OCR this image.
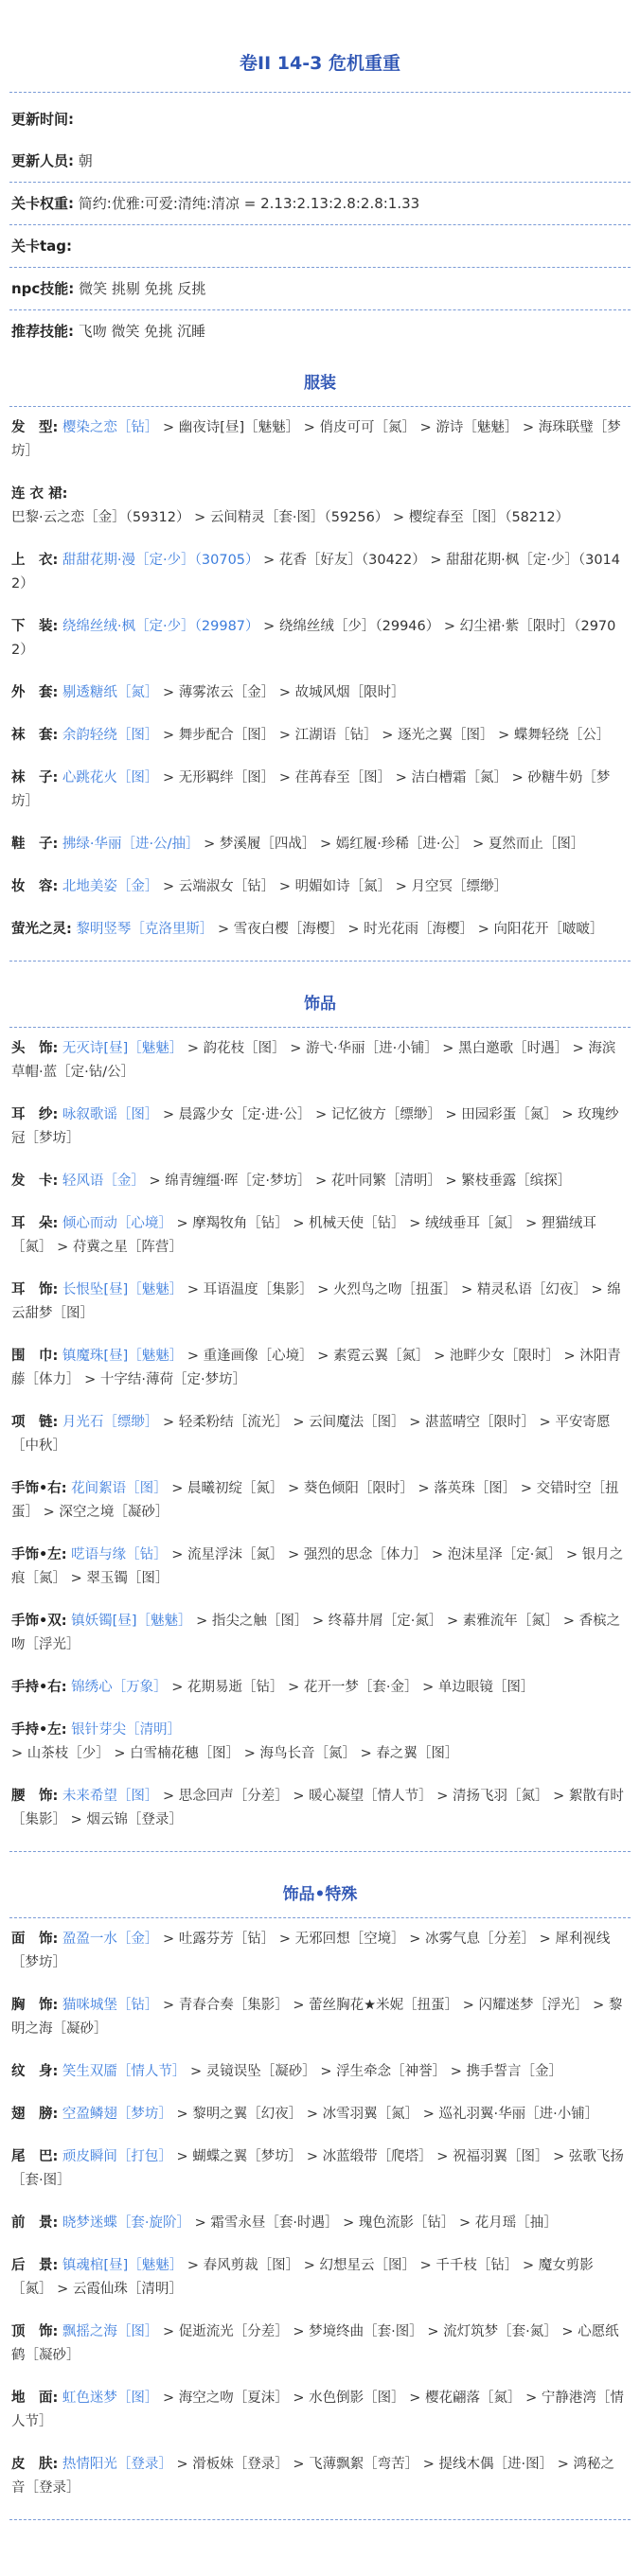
卷II 14-3 危机重重
更新时间:
更新人员: 朝
关卡权重: 简约:优雅:可爱:清纯:清凉 = 2.13:2.13:2.8:2.8:1.33
关卡tag:
npc技能: 微笑 挑剔 免挑 反挑
推荐技能: 飞吻 微笑 免挑 沉睡
服装
发　型: 樱染之恋［钻］ > 幽夜诗[昼]［魅魅］ > 俏皮可可［氮］ > 游诗［魅魅］ > 海珠联璧［梦坊］
连 衣 裙: 巴黎·云之恋［金］（59312） > 云间精灵［套·图］（59256） > 樱绽春至［图］（58212）
上　衣: 甜甜花期·漫［定·少］（30705） > 花香［好友］（30422） > 甜甜花期·枫［定·少］（30142）
下　装: 绕绵丝绒·枫［定·少］（29987） > 绕绵丝绒［少］（29946） > 幻尘裙·紫［限时］（29702）
外　套: 剔透糖纸［氮］ > 薄雾浓云［金］ > 故城风烟［限时］
袜　套: 余韵轻绕［图］ > 舞步配合［图］ > 江湖语［钻］ > 逐光之翼［图］ > 蝶舞轻绕［公］
袜　子: 心跳花火［图］ > 无形羁绊［图］ > 荏苒春至［图］ > 洁白槽霜［氮］ > 砂糖牛奶［梦坊］
鞋　子: 拂绿·华丽［进·公/抽］ > 梦溪履［四战］ > 嫣红履·珍稀［进·公］ > 夏然而止［图］
妆　容: 北地美姿［金］ > 云端淑女［钻］ > 明媚如诗［氮］ > 月空冥［缥缈］
萤光之灵: 黎明竖琴［克洛里斯］ > 雪夜白樱［海樱］ > 时光花雨［海樱］ > 向阳花开［啵啵］
饰品
头　饰: 无灭诗[昼]［魅魅］ > 韵花枝［图］ > 游弋·华丽［进·小铺］ > 黑白邀歌［时遇］ > 海滨草帽·蓝［定·钻/公］
耳　纱: 咏叙歌谣［图］ > 晨露少女［定·进·公］ > 记忆彼方［缥缈］ > 田园彩蛋［氮］ > 玫瑰纱冠［梦坊］
发　卡: 轻风语［金］ > 绵青缠缰·晖［定·梦坊］ > 花叶同繁［清明］ > 繁枝垂露［缤探］
耳　朵: 倾心而动［心境］ > 摩羯牧角［钻］ > 机械天使［钻］ > 绒绒垂耳［氮］ > 狸猫绒耳［氮］ > 苻冀之星［阵营］
耳　饰: 长恨坠[昼]［魅魅］ > 耳语温度［集影］ > 火烈鸟之吻［扭蛋］ > 精灵私语［幻夜］ > 绵云甜梦［图］
围　巾: 镇魔珠[昼]［魅魅］ > 重逢画像［心境］ > 素霓云翼［氮］ > 池畔少女［限时］ > 沐阳青藤［体力］ > 十字结·薄荷［定·梦坊］
项　链: 月光石［缥缈］ > 轻柔粉结［流光］ > 云间魔法［图］ > 湛蓝晴空［限时］ > 平安寄愿［中秋］
手饰•右: 花间絮语［图］ > 晨曦初绽［氮］ > 葵色倾阳［限时］ > 落英珠［图］ > 交错时空［扭蛋］ > 深空之境［凝砂］
手饰•左: 呓语与缘［钻］ > 流星浮沫［氮］ > 强烈的思念［体力］ > 泡沫星泽［定·氮］ > 银月之痕［氮］ > 翠玉镯［图］
手饰•双: 镇妖镯[昼]［魅魅］ > 指尖之触［图］ > 终幕井屑［定·氮］ > 素雅流年［氮］ > 香槟之吻［浮光］
手持•右: 锦绣心［万象］ > 花期易逝［钻］ > 花开一梦［套·金］ > 单边眼镜［图］
手持•左: 银针芽尖［清明］ > 山茶枝［少］ > 白雪楠花穗［图］ > 海鸟长音［氮］ > 春之翼［图］
腰　饰: 未来希望［图］ > 思念回声［分差］ > 暖心凝望［情人节］ > 清扬飞羽［氮］ > 絮散有时［集影］ > 烟云锦［登录］
饰品•特殊
面　饰: 盈盈一水［金］ > 吐露芬芳［钻］ > 无邪回想［空境］ > 冰雾气息［分差］ > 犀利视线［梦坊］
胸　饰: 猫咪城堡［钻］ > 青春合奏［集影］ > 蕾丝胸花★米妮［扭蛋］ > 闪耀迷梦［浮光］ > 黎明之海［凝砂］
纹　身: 笑生双靥［情人节］ > 灵镜误坠［凝砂］ > 浮生牵念［神誉］ > 携手誓言［金］
翅　膀: 空盈鳞翅［梦坊］ > 黎明之翼［幻夜］ > 冰雪羽翼［氮］ > 巡礼羽翼·华丽［进·小铺］
尾　巴: 顽皮瞬间［打包］ > 蝴蝶之翼［梦坊］ > 冰蓝缎带［爬塔］ > 祝福羽翼［图］ > 弦歌飞扬［套·图］
前　景: 晓梦迷蝶［套·旋阶］ > 霜雪永昼［套·时遇］ > 瑰色流影［钻］ > 花月瑶［抽］
后　景: 镇魂棺[昼]［魅魅］ > 春风剪裁［图］ > 幻想星云［图］ > 千千枝［钻］ > 魔女剪影［氮］ > 云霞仙珠［清明］
顶　饰: 飘摇之海［图］ > 促逝流光［分差］ > 梦境终曲［套·图］ > 流灯筑梦［套·氮］ > 心愿纸鹤［凝砂］
地　面: 虹色迷梦［图］ > 海空之吻［夏沫］ > 水色倒影［图］ > 樱花翩落［氮］ > 宁静港湾［情人节］
皮　肤: 热情阳光［登录］ > 滑板妹［登录］ > 飞薄飘絮［弯苦］ > 提线木偶［进·图］ > 鸿秘之音［登录］
